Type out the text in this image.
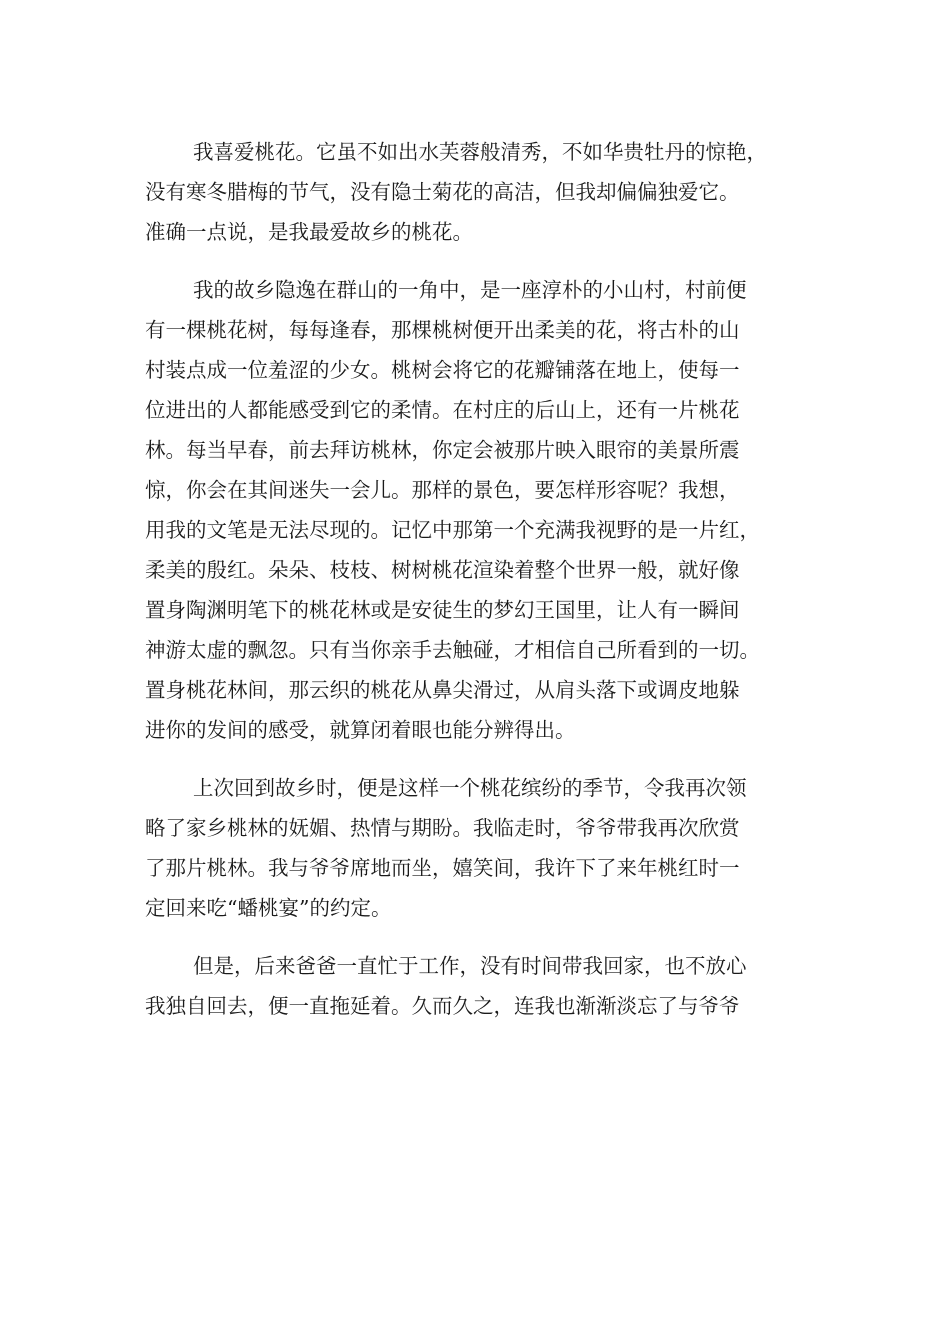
我喜爱桃花。它虽不如出水芙蓉般清秀，不如华贵牡丹的惊艳，
没有寒冬腊梅的节气，没有隐士菊花的高洁，但我却偏偏独爱它。
准确一点说，是我最爱故乡的桃花。
我的故乡隐逸在群山的一角中，是一座淳朴的小山村，村前便
有一棵桃花树，每每逢春，那棵桃树便开出柔美的花，将古朴的山
村装点成一位羞涩的少女。桃树会将它的花瓣铺落在地上，使每一
位进出的人都能感受到它的柔情。在村庄的后山上，还有一片桃花
林。每当早春，前去拜访桃林，你定会被那片映入眼帘的美景所震
惊，你会在其间迷失一会儿。那样的景色，要怎样形容呢？我想，
用我的文笔是无法尽现的。记忆中那第一个充满我视野的是一片红，
柔美的殷红。朵朵、枝枝、树树桃花渲染着整个世界一般，就好像
置身陶渊明笔下的桃花林或是安徒生的梦幻王国里，让人有一瞬间
神游太虚的飘忽。只有当你亲手去触碰，才相信自己所看到的一切。
置身桃花林间，那云织的桃花从鼻尖滑过，从肩头落下或调皮地躲
进你的发间的感受，就算闭着眼也能分辨得出。
上次回到故乡时，便是这样一个桃花缤纷的季节，令我再次领
略了家乡桃林的妩媚、热情与期盼。我临走时，爷爷带我再次欣赏
了那片桃林。我与爷爷席地而坐，嬉笑间，我许下了来年桃红时一
定回来吃“蟠桃宴”的约定。
但是，后来爸爸一直忙于工作，没有时间带我回家，也不放心
我独自回去，便一直拖延着。久而久之，连我也渐渐淡忘了与爷爷
